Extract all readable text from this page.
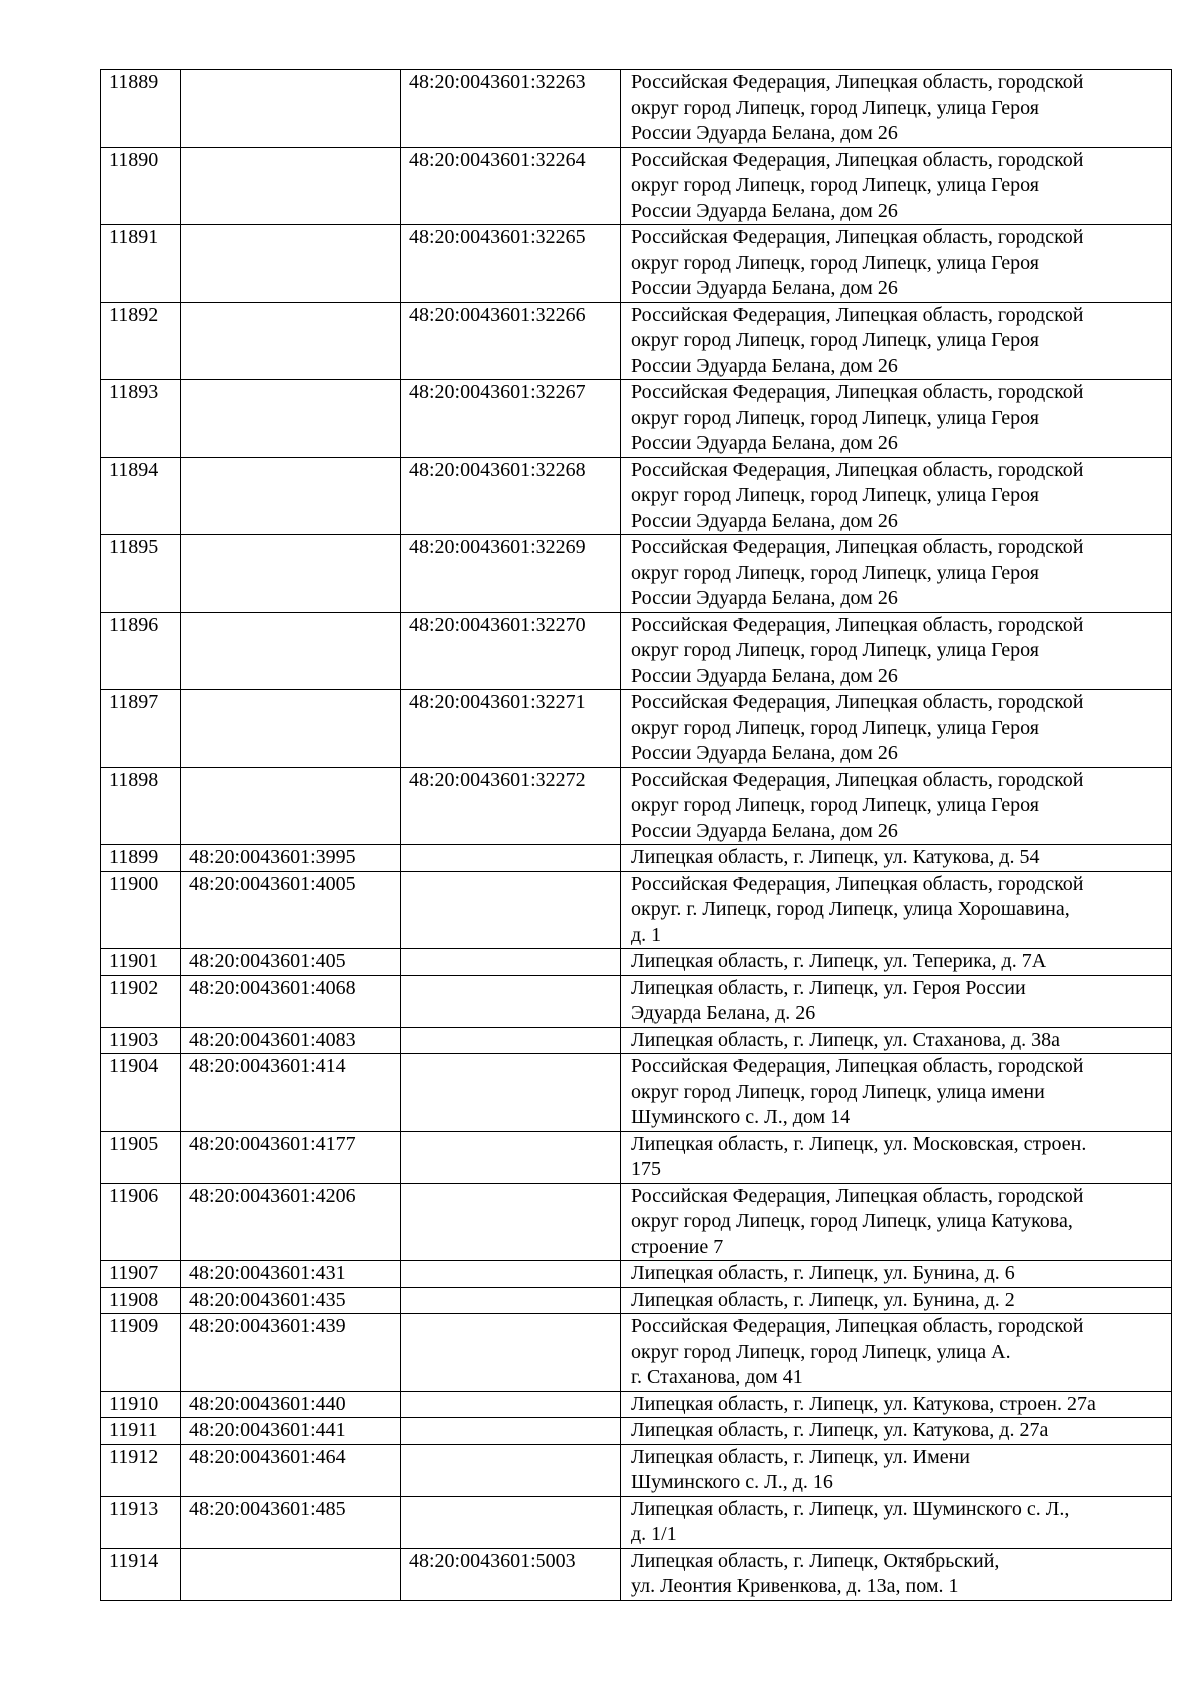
11889		48:20:0043601:32263	Российская Федерация, Липецкая область, городской
округ город Липецк, город Липецк, улица Героя
России Эдуарда Белана, дом 26
11890		48:20:0043601:32264	Российская Федерация, Липецкая область, городской
округ город Липецк, город Липецк, улица Героя
России Эдуарда Белана, дом 26
11891		48:20:0043601:32265	Российская Федерация, Липецкая область, городской
округ город Липецк, город Липецк, улица Героя
России Эдуарда Белана, дом 26
11892		48:20:0043601:32266	Российская Федерация, Липецкая область, городской
округ город Липецк, город Липецк, улица Героя
России Эдуарда Белана, дом 26
11893		48:20:0043601:32267	Российская Федерация, Липецкая область, городской
округ город Липецк, город Липецк, улица Героя
России Эдуарда Белана, дом 26
11894		48:20:0043601:32268	Российская Федерация, Липецкая область, городской
округ город Липецк, город Липецк, улица Героя
России Эдуарда Белана, дом 26
11895		48:20:0043601:32269	Российская Федерация, Липецкая область, городской
округ город Липецк, город Липецк, улица Героя
России Эдуарда Белана, дом 26
11896		48:20:0043601:32270	Российская Федерация, Липецкая область, городской
округ город Липецк, город Липецк, улица Героя
России Эдуарда Белана, дом 26
11897		48:20:0043601:32271	Российская Федерация, Липецкая область, городской
округ город Липецк, город Липецк, улица Героя
России Эдуарда Белана, дом 26
11898		48:20:0043601:32272	Российская Федерация, Липецкая область, городской
округ город Липецк, город Липецк, улица Героя
России Эдуарда Белана, дом 26
11899	48:20:0043601:3995		Липецкая область, г. Липецк, ул. Катукова, д. 54
11900	48:20:0043601:4005		Российская Федерация, Липецкая область, городской
округ. г. Липецк, город Липецк, улица Хорошавина,
д. 1
11901	48:20:0043601:405		Липецкая область, г. Липецк, ул. Теперика, д. 7А
11902	48:20:0043601:4068		Липецкая область, г. Липецк, ул. Героя России
Эдуарда Белана, д. 26
11903	48:20:0043601:4083		Липецкая область, г. Липецк, ул. Стаханова, д. 38а
11904	48:20:0043601:414		Российская Федерация, Липецкая область, городской
округ город Липецк, город Липецк, улица имени
Шуминского с. Л., дом 14
11905	48:20:0043601:4177		Липецкая область, г. Липецк, ул. Московская, строен.
175
11906	48:20:0043601:4206		Российская Федерация, Липецкая область, городской
округ город Липецк, город Липецк, улица Катукова,
строение 7
11907	48:20:0043601:431		Липецкая область, г. Липецк, ул. Бунина, д. 6
11908	48:20:0043601:435		Липецкая область, г. Липецк, ул. Бунина, д. 2
11909	48:20:0043601:439		Российская Федерация, Липецкая область, городской
округ город Липецк, город Липецк, улица А.
г. Стаханова, дом 41
11910	48:20:0043601:440		Липецкая область, г. Липецк, ул. Катукова, строен. 27а
11911	48:20:0043601:441		Липецкая область, г. Липецк, ул. Катукова, д. 27а
11912	48:20:0043601:464		Липецкая область, г. Липецк, ул. Имени
Шуминского с. Л., д. 16
11913	48:20:0043601:485		Липецкая область, г. Липецк, ул. Шуминского с. Л.,
д. 1/1
11914		48:20:0043601:5003	Липецкая область, г. Липецк, Октябрьский,
ул. Леонтия Кривенкова, д. 13а, пом. 1
